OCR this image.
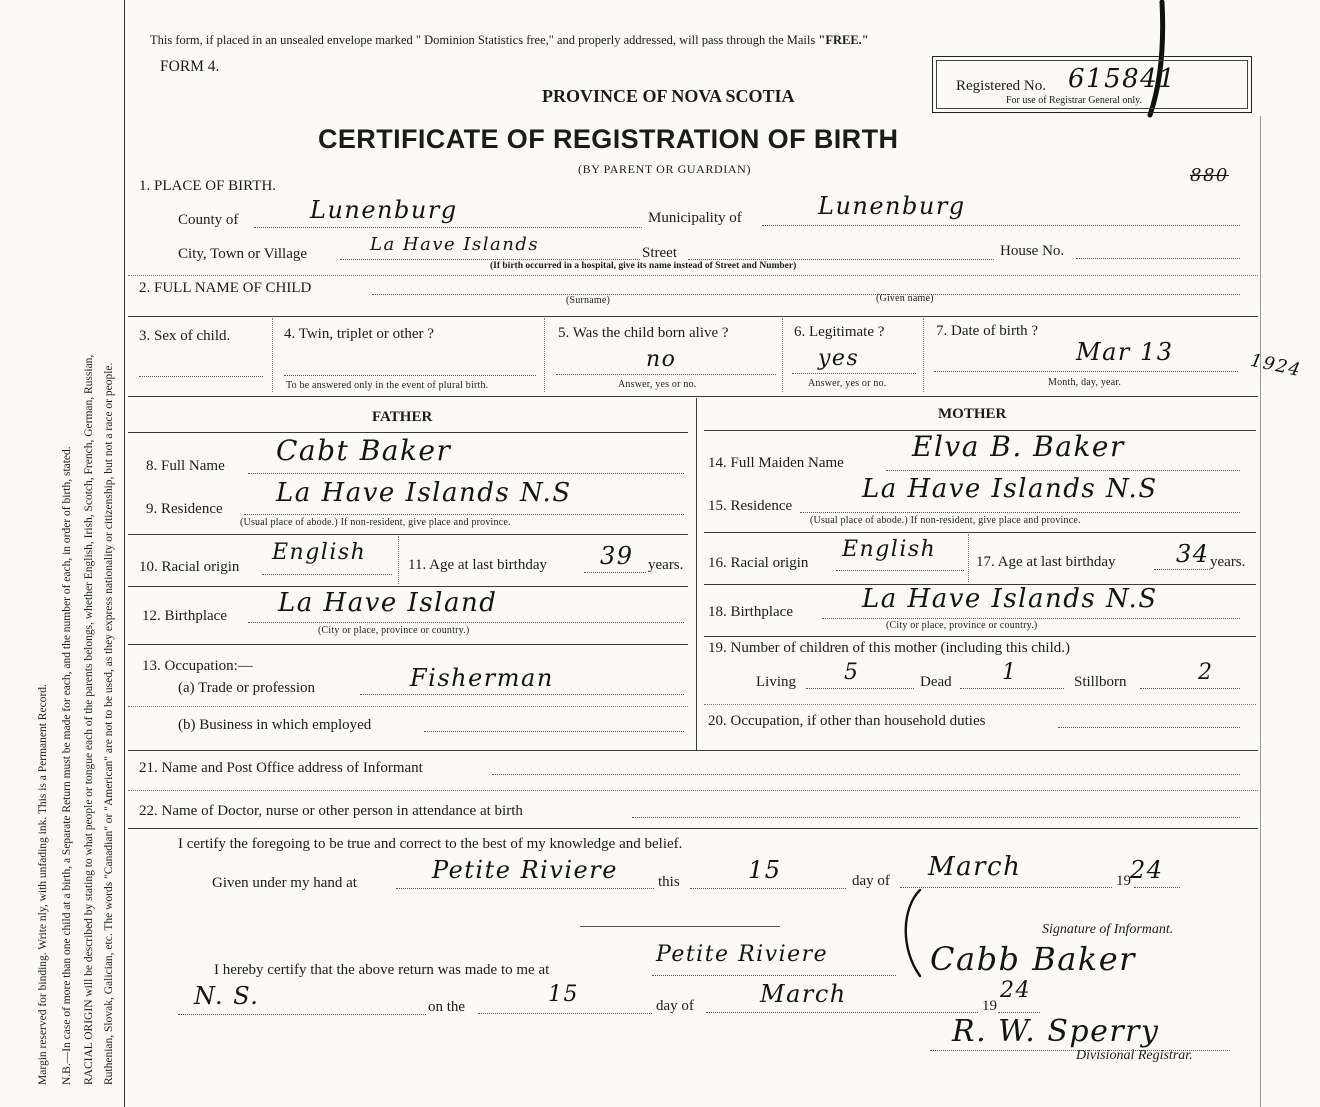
Margin reserved for binding. Write nly, with unfading ink. This is a Permanent Record. N.B.—In case of more than one child at a birth, a Separate Return must be made for each, and the number of each, in order of birth, stated. RACIAL ORIGIN will be described by stating to what people or tongue each of the parents belongs, whether English, Irish, Scotch, French, German, Russian, Ruthenian, Slovak, Galician, etc. The words "Canadian" or "American" are not to be used, as they express nationality or citizenship, but not a race or people.
This form, if placed in an unsealed envelope marked " Dominion Statistics free," and properly addressed, will pass through the Mails "FREE."
FORM 4.
PROVINCE OF NOVA SCOTIA
CERTIFICATE OF REGISTRATION OF BIRTH
(BY PARENT OR GUARDIAN)
Registered No. 615841
For use of Registrar General only.
880
1. PLACE OF BIRTH.
County of	Lunenburg	Municipality of	Lunenburg
City, Town or Village	La Have Islands	Street	House No.
(If birth occurred in a hospital, give its name instead of Street and Number)
2. FULL NAME OF CHILD
(Surname)	(Given name)
3. Sex of child.	4. Twin, triplet or other ?
To be answered only in the event of plural birth.
5. Was the child born alive ?
no
Answer, yes or no.
6. Legitimate ?
yes
Answer, yes or no.
7. Date of birth ?
Mar 13	1924
Month, day, year.
FATHER
8. Full Name Cabt Baker
9. Residence
La Have Islands N.S
(Usual place of abode.) If non-resident, give place and province.
10. Racial origin
English	11. Age at last birthday 39 years.
12. Birthplace La Have Island
(City or place, province or country.)
13. Occupation:—
(a) Trade or profession	Fisherman
(b) Business in which employed
MOTHER
14. Full Maiden Name Elva B. Baker
15. Residence
La Have Islands N.S
(Usual place of abode.) If non-resident, give place and province.
16. Racial origin
English	17. Age at last birthday	34 years.
18. Birthplace	La Have Islands N.S
(City or place, province or country.)
19. Number of children of this mother (including this child.)
Living 5	Dead 1	Stillborn	2
20. Occupation, if other than household duties
21. Name and Post Office address of Informant
22. Name of Doctor, nurse or other person in attendance at birth
I certify the foregoing to be true and correct to the best of my knowledge and belief.
Given under my hand at	Petite Riviere	this	15	day of March	19 24
Signature of Informant.
Cabb Baker
I hereby certify that the above return was made to me at
Petite Riviere
N. S.	on the	15	day of	March	19
24
R. W. Sperry
Divisional Registrar.
